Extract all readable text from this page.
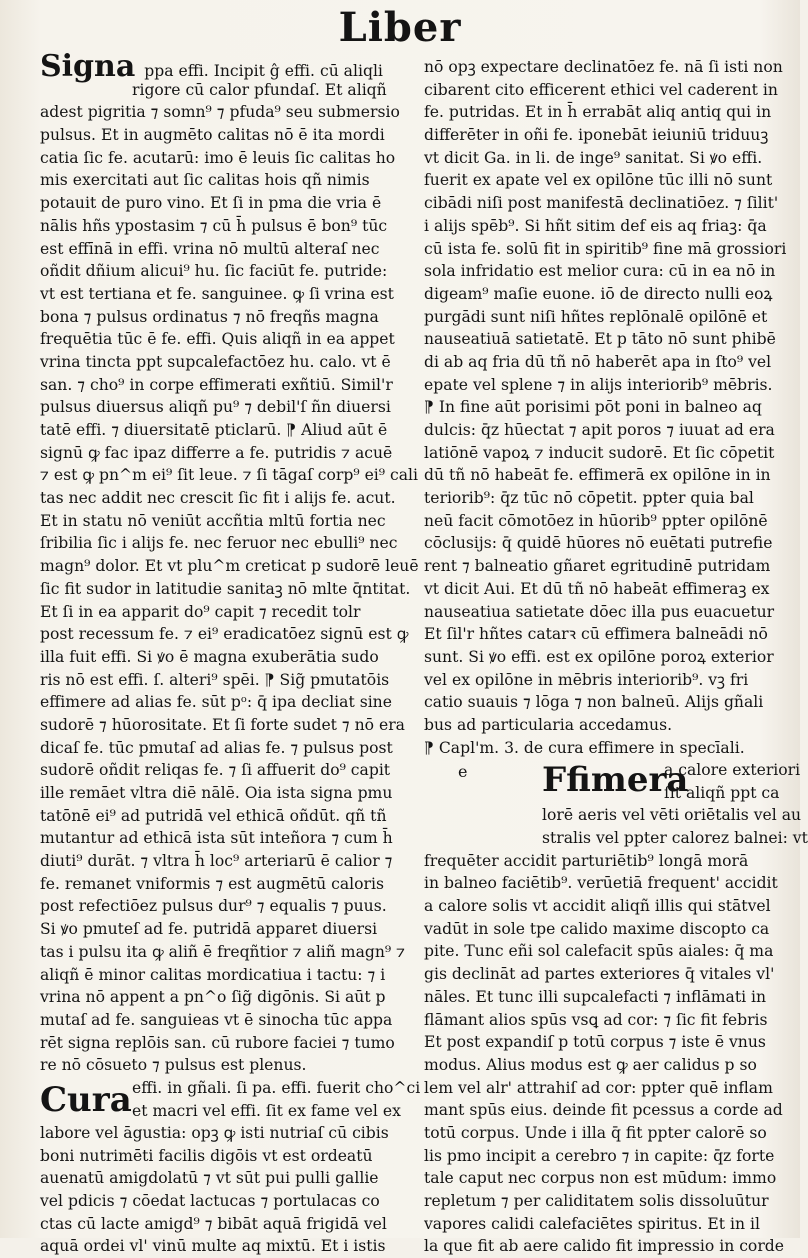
Liber
Signa ppa effi. Incipit ĝ effi. cū aliqli
rigore cū calor pfundaſ. Et aliqñ
adest pigritia ⁊ somn⁹ ⁊ pfuda⁹ seu submersio
pulsus. Et in augmēto calitas nō ē ita mordi
catia ſic fe. acutarū: imo ē leuis ſic calitas ho
mis exercitati aut ſic calitas hois qñ nimis
potauit de puro vino. Et ſi in pma die vria ē
nālis hñs ypostasim ⁊ cū h̄ pulsus ē bon⁹ tūc
est effīnā in effi. vrina nō multū alteraſ nec
oñdit dñium alicui⁹ hu. ſic faciūt fe. putride:
vt est tertiana et fe. sanguinee. ꝙ ſi vrina est
bona ⁊ pulsus ordinatus ⁊ nō freqñs magna
frequētia tūc ē fe. effi. Quis aliqñ in ea appet
vrina tincta ppt supcalefactōez hu. calo. vt ē
san. ⁊ cho⁹ in corpe effimerati exñtiū. Simil'r
pulsus diuersus aliqñ pu⁹ ⁊ debil'ſ ñn diuersi
tatē effi. ⁊ diuersitatē pticlarū. ⁋ Aliud aūt ē
signū ꝙ fac ipaz differre a fe. putridis ⁊ acuē
⁊ est ꝙ pn^m ei⁹ ſit leue. ⁊ ſi tāgaſ corp⁹ ei⁹ cali
tas nec addit nec crescit ſic fit i alijs fe. acut.
Et in statu nō veniūt accñtia mltū fortia nec
ſribilia ſic i alijs fe. nec feruor nec ebulli⁹ nec
magn⁹ dolor. Et vt plu^m creticat p sudorē leuē
ſic fit sudor in latitudie sanitaꝫ nō mlte q̄ntitat.
Et ſi in ea apparit do⁹ capit ⁊ recedit tolr
post recessum fe. ⁊ ei⁹ eradicatōez signū est ꝙ
illa fuit effi. Si ꝟo ē magna exuberātia sudo
ris nō est effi. ſ. alteri⁹ spēi. ⁋ Sig̃ pmutatōis
effimere ad alias fe. sūt pᵒ: q̄ ipa decliat sine
sudorē ⁊ hūorositate. Et ſi forte sudet ⁊ nō era
dicaſ fe. tūc pmutaſ ad alias fe. ⁊ pulsus post
sudorē oñdit reliqas fe. ⁊ ſi affuerit do⁹ capit
ille remāet vltra diē nālē. Oia ista signa pmu
tatōnē ei⁹ ad putridā vel ethicā oñdūt. qñ tñ
mutantur ad ethicā ista sūt inteñora ⁊ cum h̄
diuti⁹ durāt. ⁊ vltra h̄ loc⁹ arteriarū ē calior ⁊
fe. remanet vniformis ⁊ est augmētū caloris
post refectiōez pulsus dur⁹ ⁊ equalis ⁊ puus.
Si ꝟo pmuteſ ad fe. putridā apparet diuersi
tas i pulsu ita ꝙ aliñ ē freqñtior ⁊ aliñ magn⁹ ⁊
aliqñ ē minor calitas mordicatiua i tactu: ⁊ i
vrina nō appent a pn^o ſig̃ digōnis. Si aūt p
mutaſ ad fe. sanguieas vt ē sinocha tūc appa
rēt signa replōis san. cū rubore faciei ⁊ tumo
re nō cōsueto ⁊ pulsus est plenus.
Cura effi. in gñali. ſi pa. effi. fuerit cho^ci
et macri vel effi. ſit ex fame vel ex
labore vel āgustia: opꝫ ꝙ isti nutriaſ cū cibis
boni nutrimēti facilis digōis vt est ordeatū
auenatū amigdolatū ⁊ vt sūt pui pulli gallie
vel pdicis ⁊ cōedat lactucas ⁊ portulacas co
ctas cū lacte amigd⁹ ⁊ bibāt aquā frigidā vel
aquā ordei vl' vinū multe aq mixtū. Et i istis
nō opꝫ expectare declinatōez fe. nā ſi isti non
cibarent cito efficerent ethici vel caderent in
fe. putridas. Et in h̄ errabāt aliq antiq qui in
differēter in oñi fe. iponebāt ieiuniū triduuꝫ
vt dicit Ga. in li. de inge⁹ sanitat. Si ꝟo effi.
fuerit ex apate vel ex opilōne tūc illi nō sunt
cibādi niſi post manifestā declinatiōez. ⁊ ſilit'
i alijs spēb⁹. Si hñt sitim def eis aq friaꝫ: q̄a
cū ista fe. solū fit in spiritib⁹ fine mā grossiori
sola infridatio est melior cura: cū in ea nō in
digeam⁹ maſie euone. iō de directo nulli eoꝝ
purgādi sunt niſi hñtes replōnalē opilōnē et
nauseatiuā satietatē. Et p tāto nō sunt phibē
di ab aq fria dū tñ nō haberēt apa in ſto⁹ vel
epate vel splene ⁊ in alijs interiorib⁹ mēbris.
⁋ In fine aūt porisimi pōt poni in balneo aq
dulcis: q̄z hūectat ⁊ apit poros ⁊ iuuat ad era
latiōnē vapoꝝ ⁊ inducit sudorē. Et ſic cōpetit
dū tñ nō habeāt fe. effimerā ex opilōne in in
teriorib⁹: q̄z tūc nō cōpetit. ppter quia bal
neū facit cōmotōez in hūorib⁹ ppter opilōnē
cōclusijs: q̄ quidē hūores nō euētati putrefie
rent ⁊ balneatio gñaret egritudinē putridam
vt dicit Aui. Et dū tñ nō habeāt effimeraꝫ ex
nauseatiua satietate dōec illa pus euacuetur
Et ſil'r hñtes catarꝛ cū effimera balneādi nō
sunt. Si ꝟo effi. est ex opilōne poroꝝ exterior
vel ex opilōne in mēbris interiorib⁹. vꝫ fri
catio suauis ⁊ lōga ⁊ non balneū. Alijs gñali
bus ad particularia accedamus.
⁋ Capl'm. 3. de cura effimere in specīali.
Ffimera
a calore exteriori
ſit aliqñ ppt ca
lorē aeris vel vēti oriētalis vel au
stralis vel ppter calorez balnei: vt
frequēter accidit parturiētib⁹ longā morā
in balneo faciētib⁹. verūetiā frequent' accidit
a calore solis vt accidit aliqñ illis qui stātvel
vadūt in sole tpe calido maxime discopto ca
pite. Tunc eñi sol calefacit spūs aiales: q̄ ma
gis declināt ad partes exteriores q̄ vitales vl'
nāles. Et tunc illi supcalefacti ⁊ inflāmati in
flāmant alios spūs vsꝗ ad cor: ⁊ ſic fit febris
Et post expandiſ p totū corpus ⁊ iste ē vnus
modus. Alius modus est ꝙ aer calidus p so
lem vel alr' attrahiſ ad cor: ppter quē inflam
mant spūs eius. deinde fit pcessus a corde ad
totū corpus. Unde i illa q̄ fit ppter calorē so
lis pmo incipit a cerebro ⁊ in capite: q̄z forte
tale caput nec corpus non est mūdum: immo
repletum ⁊ per caliditatem solis dissoluūtur
vapores calidi calefaciētes spiritus. Et in il
la que fit ab aere calido fit impressio in corde
e
